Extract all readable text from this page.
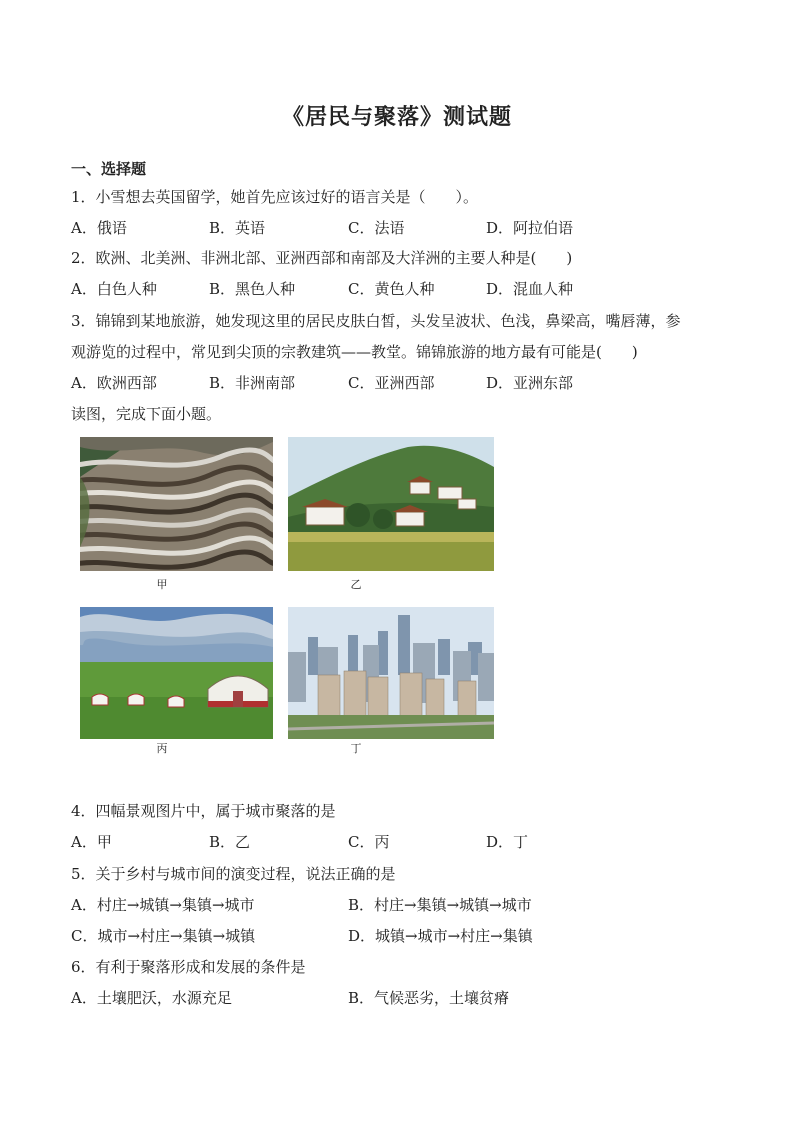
《居民与聚落》测试题
一、选择题
1．小雪想去英国留学，她首先应该过好的语言关是（　　）。
A．俄语	B．英语	C．法语	D．阿拉伯语
2．欧洲、北美洲、非洲北部、亚洲西部和南部及大洋洲的主要人种是(　　)
A．白色人种	B．黑色人种	C．黄色人种	D．混血人种
3．锦锦到某地旅游，她发现这里的居民皮肤白皙，头发呈波状、色浅，鼻梁高，嘴唇薄，参
观游览的过程中，常见到尖顶的宗教建筑——教堂。锦锦旅游的地方最有可能是(　　)
A．欧洲西部	B．非洲南部	C．亚洲西部	D．亚洲东部
读图，完成下面小题。
甲	乙
丙	丁
4．四幅景观图片中，属于城市聚落的是
A．甲	B．乙	C．丙	D．丁
5．关于乡村与城市间的演变过程，说法正确的是
A．村庄→城镇→集镇→城市	B．村庄→集镇→城镇→城市
C．城市→村庄→集镇→城镇	D．城镇→城市→村庄→集镇
6．有利于聚落形成和发展的条件是
A．土壤肥沃，水源充足	B．气候恶劣，土壤贫瘠
